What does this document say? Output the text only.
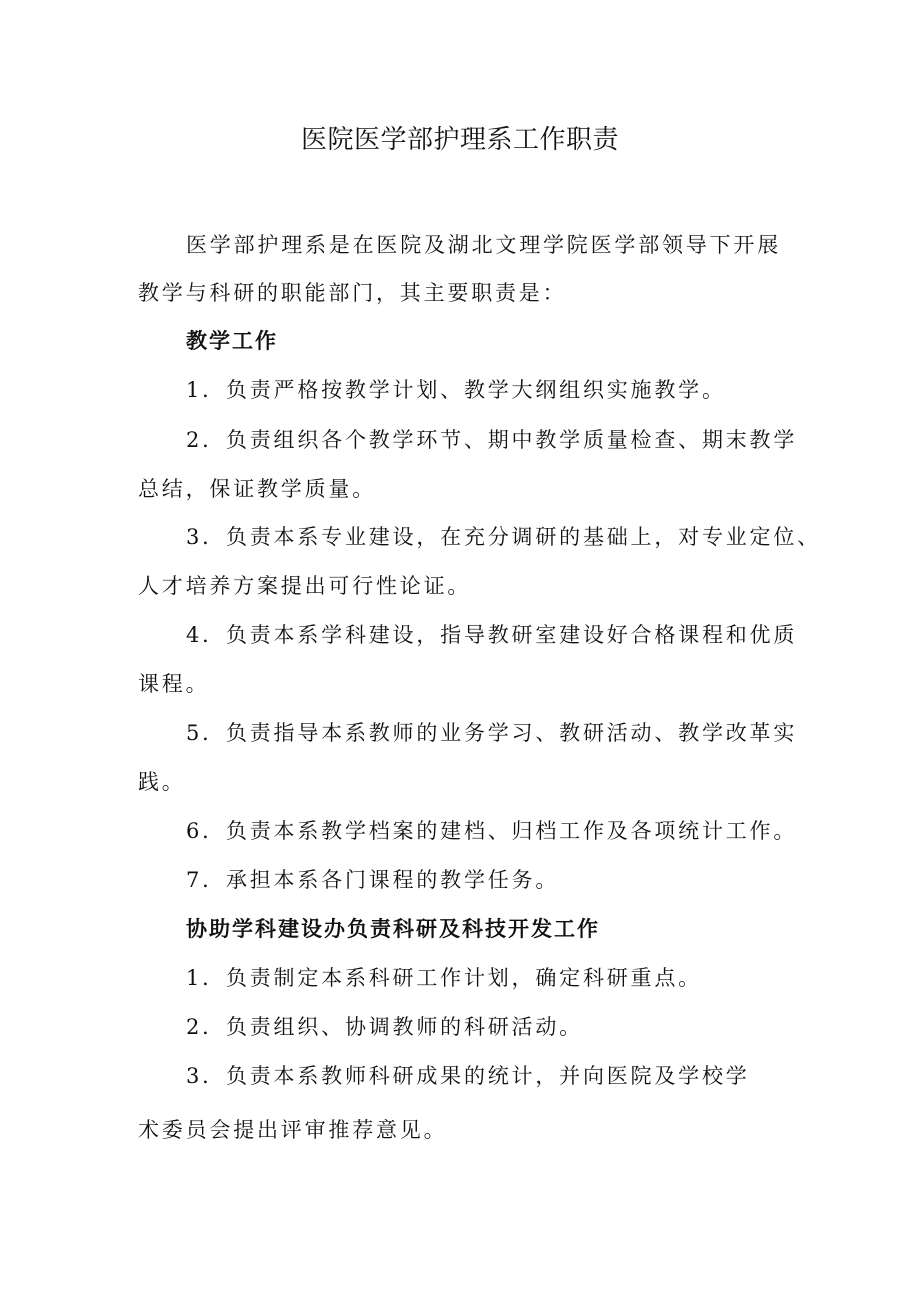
医院医学部护理系工作职责
医学部护理系是在医院及湖北文理学院医学部领导下开展
教学与科研的职能部门，其主要职责是：
教学工作
1．负责严格按教学计划、教学大纲组织实施教学。
2．负责组织各个教学环节、期中教学质量检查、期末教学
总结，保证教学质量。
3．负责本系专业建设，在充分调研的基础上，对专业定位、
人才培养方案提出可行性论证。
4．负责本系学科建设，指导教研室建设好合格课程和优质
课程。
5．负责指导本系教师的业务学习、教研活动、教学改革实
践。
6．负责本系教学档案的建档、归档工作及各项统计工作。
7．承担本系各门课程的教学任务。
协助学科建设办负责科研及科技开发工作
1．负责制定本系科研工作计划，确定科研重点。
2．负责组织、协调教师的科研活动。
3．负责本系教师科研成果的统计，并向医院及学校学
术委员会提出评审推荐意见。
